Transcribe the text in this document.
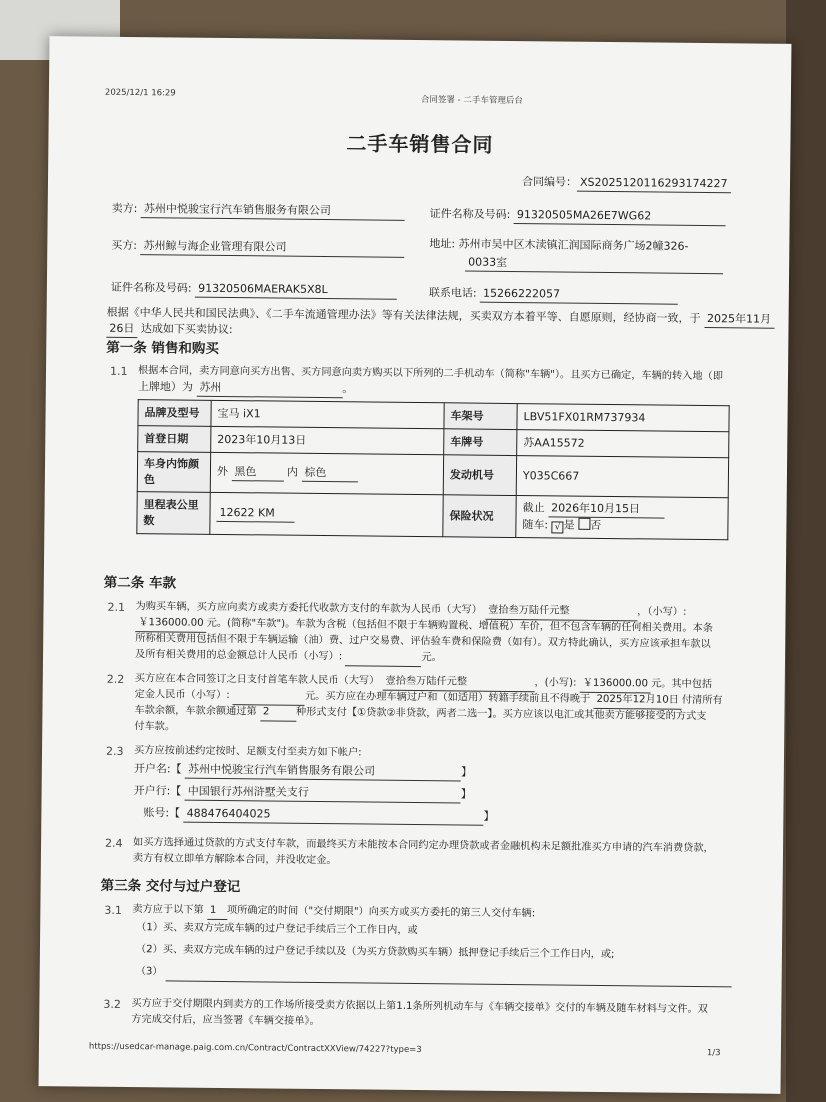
2025/12/1 16:29
合同签署 - 二手车管理后台
二手车销售合同
合同编号： XS2025120116293174227
卖方: 苏州中悦骏宝行汽车销售服务有限公司	证件名称及号码: 91320505MA26E7WG62
买方: 苏州鲸与海企业管理有限公司	地址: 苏州市吴中区木渎镇汇润国际商务广场2幢326-
0033室
证件名称及号码: 91320506MAERAK5X8L	联系电话: 15266222057
根据《中华人民共和国民法典》、《二手车流通管理办法》等有关法律法规，买卖双方本着平等、自愿原则，经协商一致，于 2025年11月
26日 达成如下买卖协议:
第一条 销售和购买
1.1 根据本合同，卖方同意向买方出售、买方同意向卖方购买以下所列的二手机动车（简称"车辆"）。且买方已确定，车辆的转入地（即
上牌地）为 苏州	。
品牌及型号	宝马 iX1	车架号	LBV51FX01RM737934
首登日期	2023年10月13日	车牌号	苏AA15572
车身内饰颜色	外 黑色 内 棕色	发动机号	Y035C667
里程表公里数	12622 KM	保险状况	截止 2026年10月15日
随车: √ 是 否
第二条 车款
2.1 为购买车辆，买方应向卖方或卖方委托代收款方支付的车款为人民币（大写） 壹拾叁万陆仟元整	，（小写）:
￥136000.00 元。(简称"车款")。车款为含税（包括但不限于车辆购置税、增值税）车价，但不包含车辆的任何相关费用。本条
所称相关费用包括但不限于车辆运输（油）费、过户交易费、评估验车费和保险费（如有）。双方特此确认，买方应该承担车款以
及所有相关费用的总金额总计人民币（小写）:	元。
2.2 买方应在本合同签订之日支付首笔车款人民币（大写） 壹拾叁万陆仟元整	，(小写): ￥136000.00 元。其中包括
定金人民币（小写）:	元。买方应在办理车辆过户和（如适用）转籍手续前且不得晚于 2025年12月10日 付清所有
车款余额，车款余额通过第 2	种形式支付【①贷款②非贷款，两者二选一】。买方应该以电汇或其他卖方能够接受的方式支
付车款。
2.3 买方应按前述约定按时、足额支付至卖方如下帐户:
开户名:【 苏州中悦骏宝行汽车销售服务有限公司	】
开户行:【 中国银行苏州浒墅关支行	】
账号:【 488476404025	】
2.4 如买方选择通过贷款的方式支付车款，而最终买方未能按本合同约定办理贷款或者金融机构未足额批准买方申请的汽车消费贷款，
卖方有权立即单方解除本合同，并没收定金。
第三条 交付与过户登记
3.1 卖方应于以下第 1 项所确定的时间（"交付期限"）向买方或买方委托的第三人交付车辆:
（1）买、卖双方完成车辆的过户登记手续后三个工作日内，或
（2）买、卖双方完成车辆的过户登记手续以及（为买方贷款购买车辆）抵押登记手续后三个工作日内，或;
（3）
3.2 买方应于交付期限内到卖方的工作场所接受卖方依据以上第1.1条所列机动车与《车辆交接单》交付的车辆及随车材料与文件。双
方完成交付后，应当签署《车辆交接单》。
https://usedcar-manage.paig.com.cn/Contract/ContractXXView/74227?type=3	1/3
